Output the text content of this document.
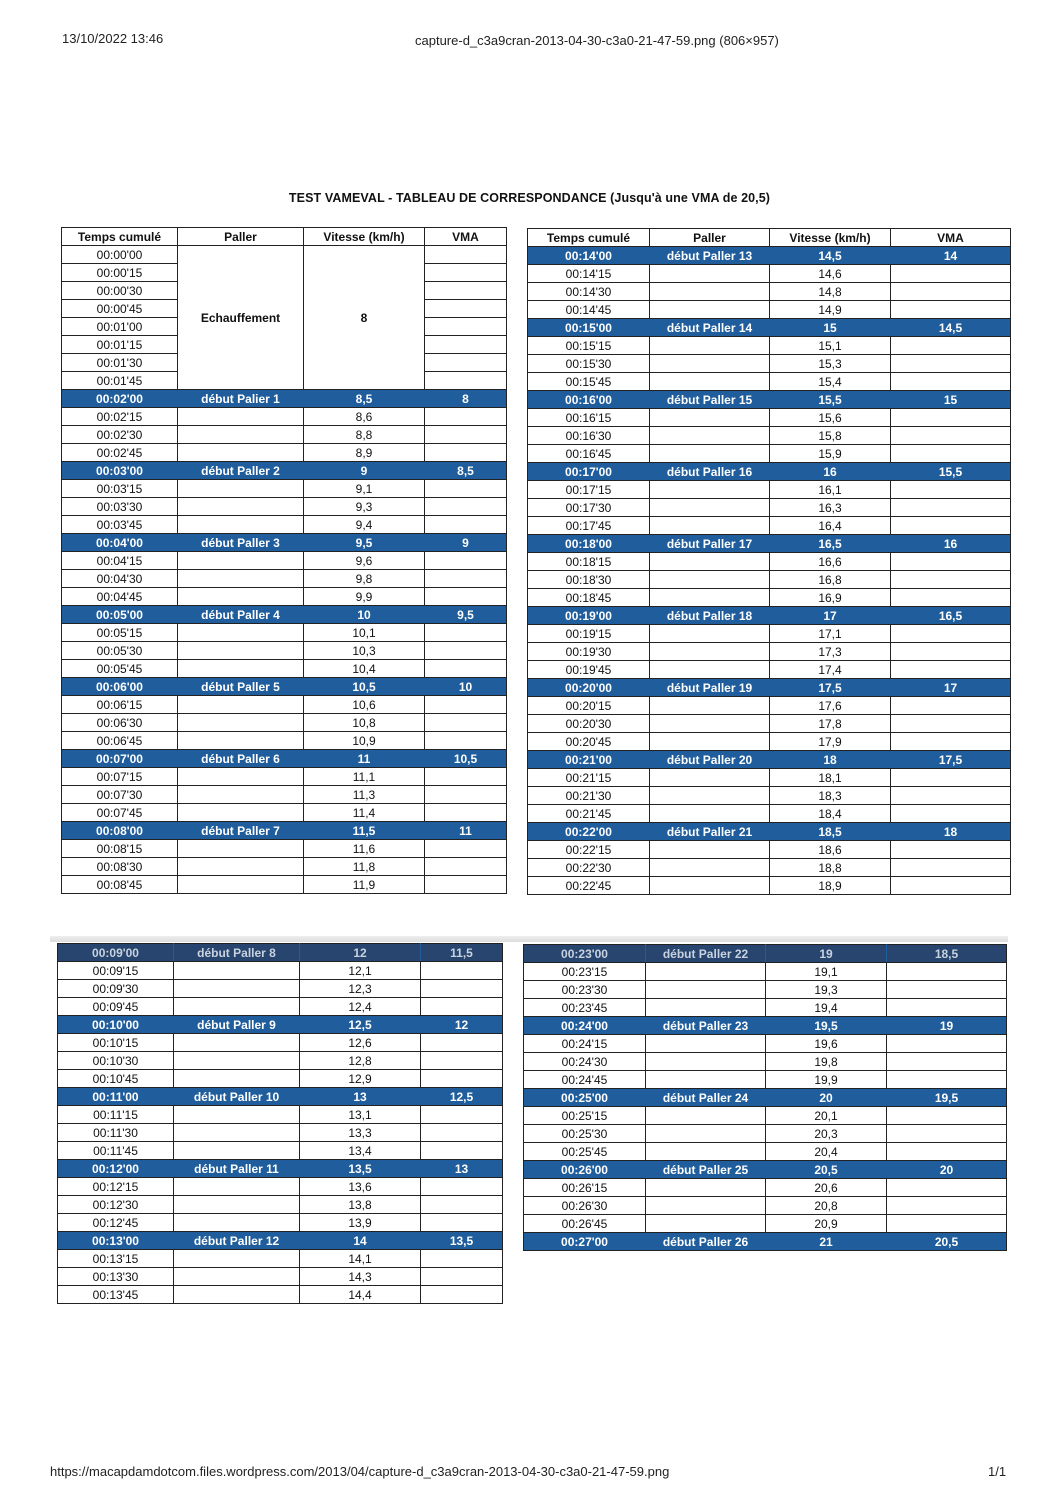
13/10/2022 13:46	capture-d_c3a9cran-2013-04-30-c3a0-21-47-59.png (806×957)
TEST VAMEVAL - TABLEAU DE CORRESPONDANCE (Jusqu'à une VMA de 20,5)
Temps cumulé	Paller	Vitesse (km/h)	VMA
00:00'00	Echauffement	8	
00:00'15			
00:00'30			
00:00'45			
00:01'00			
00:01'15			
00:01'30			
00:01'45			
00:02'00	début Palier 1	8,5	8
00:02'15		8,6	
00:02'30		8,8	
00:02'45		8,9	
00:03'00	début Paller 2	9	8,5
00:03'15		9,1	
00:03'30		9,3	
00:03'45		9,4	
00:04'00	début Paller 3	9,5	9
00:04'15		9,6	
00:04'30		9,8	
00:04'45		9,9	
00:05'00	début Paller 4	10	9,5
00:05'15		10,1	
00:05'30		10,3	
00:05'45		10,4	
00:06'00	début Paller 5	10,5	10
00:06'15		10,6	
00:06'30		10,8	
00:06'45		10,9	
00:07'00	début Paller 6	11	10,5
00:07'15		11,1	
00:07'30		11,3	
00:07'45		11,4	
00:08'00	début Paller 7	11,5	11
00:08'15		11,6	
00:08'30		11,8	
00:08'45		11,9	
Temps cumulé	Paller	Vitesse (km/h)	VMA
00:14'00	début Paller 13	14,5	14
00:14'15		14,6	
00:14'30		14,8	
00:14'45		14,9	
00:15'00	début Paller 14	15	14,5
00:15'15		15,1	
00:15'30		15,3	
00:15'45		15,4	
00:16'00	début Paller 15	15,5	15
00:16'15		15,6	
00:16'30		15,8	
00:16'45		15,9	
00:17'00	début Paller 16	16	15,5
00:17'15		16,1	
00:17'30		16,3	
00:17'45		16,4	
00:18'00	début Paller 17	16,5	16
00:18'15		16,6	
00:18'30		16,8	
00:18'45		16,9	
00:19'00	début Paller 18	17	16,5
00:19'15		17,1	
00:19'30		17,3	
00:19'45		17,4	
00:20'00	début Paller 19	17,5	17
00:20'15		17,6	
00:20'30		17,8	
00:20'45		17,9	
00:21'00	début Paller 20	18	17,5
00:21'15		18,1	
00:21'30		18,3	
00:21'45		18,4	
00:22'00	début Paller 21	18,5	18
00:22'15		18,6	
00:22'30		18,8	
00:22'45		18,9	
00:09'00	début Paller 8	12	11,5
00:09'15		12,1	
00:09'30		12,3	
00:09'45		12,4	
00:10'00	début Paller 9	12,5	12
00:10'15		12,6	
00:10'30		12,8	
00:10'45		12,9	
00:11'00	début Paller 10	13	12,5
00:11'15		13,1	
00:11'30		13,3	
00:11'45		13,4	
00:12'00	début Paller 11	13,5	13
00:12'15		13,6	
00:12'30		13,8	
00:12'45		13,9	
00:13'00	début Paller 12	14	13,5
00:13'15		14,1	
00:13'30		14,3	
00:13'45		14,4	
00:23'00	début Paller 22	19	18,5
00:23'15		19,1	
00:23'30		19,3	
00:23'45		19,4	
00:24'00	début Paller 23	19,5	19
00:24'15		19,6	
00:24'30		19,8	
00:24'45		19,9	
00:25'00	début Paller 24	20	19,5
00:25'15		20,1	
00:25'30		20,3	
00:25'45		20,4	
00:26'00	début Paller 25	20,5	20
00:26'15		20,6	
00:26'30		20,8	
00:26'45		20,9	
00:27'00	début Paller 26	21	20,5
https://macapdamdotcom.files.wordpress.com/2013/04/capture-d_c3a9cran-2013-04-30-c3a0-21-47-59.png	1/1
